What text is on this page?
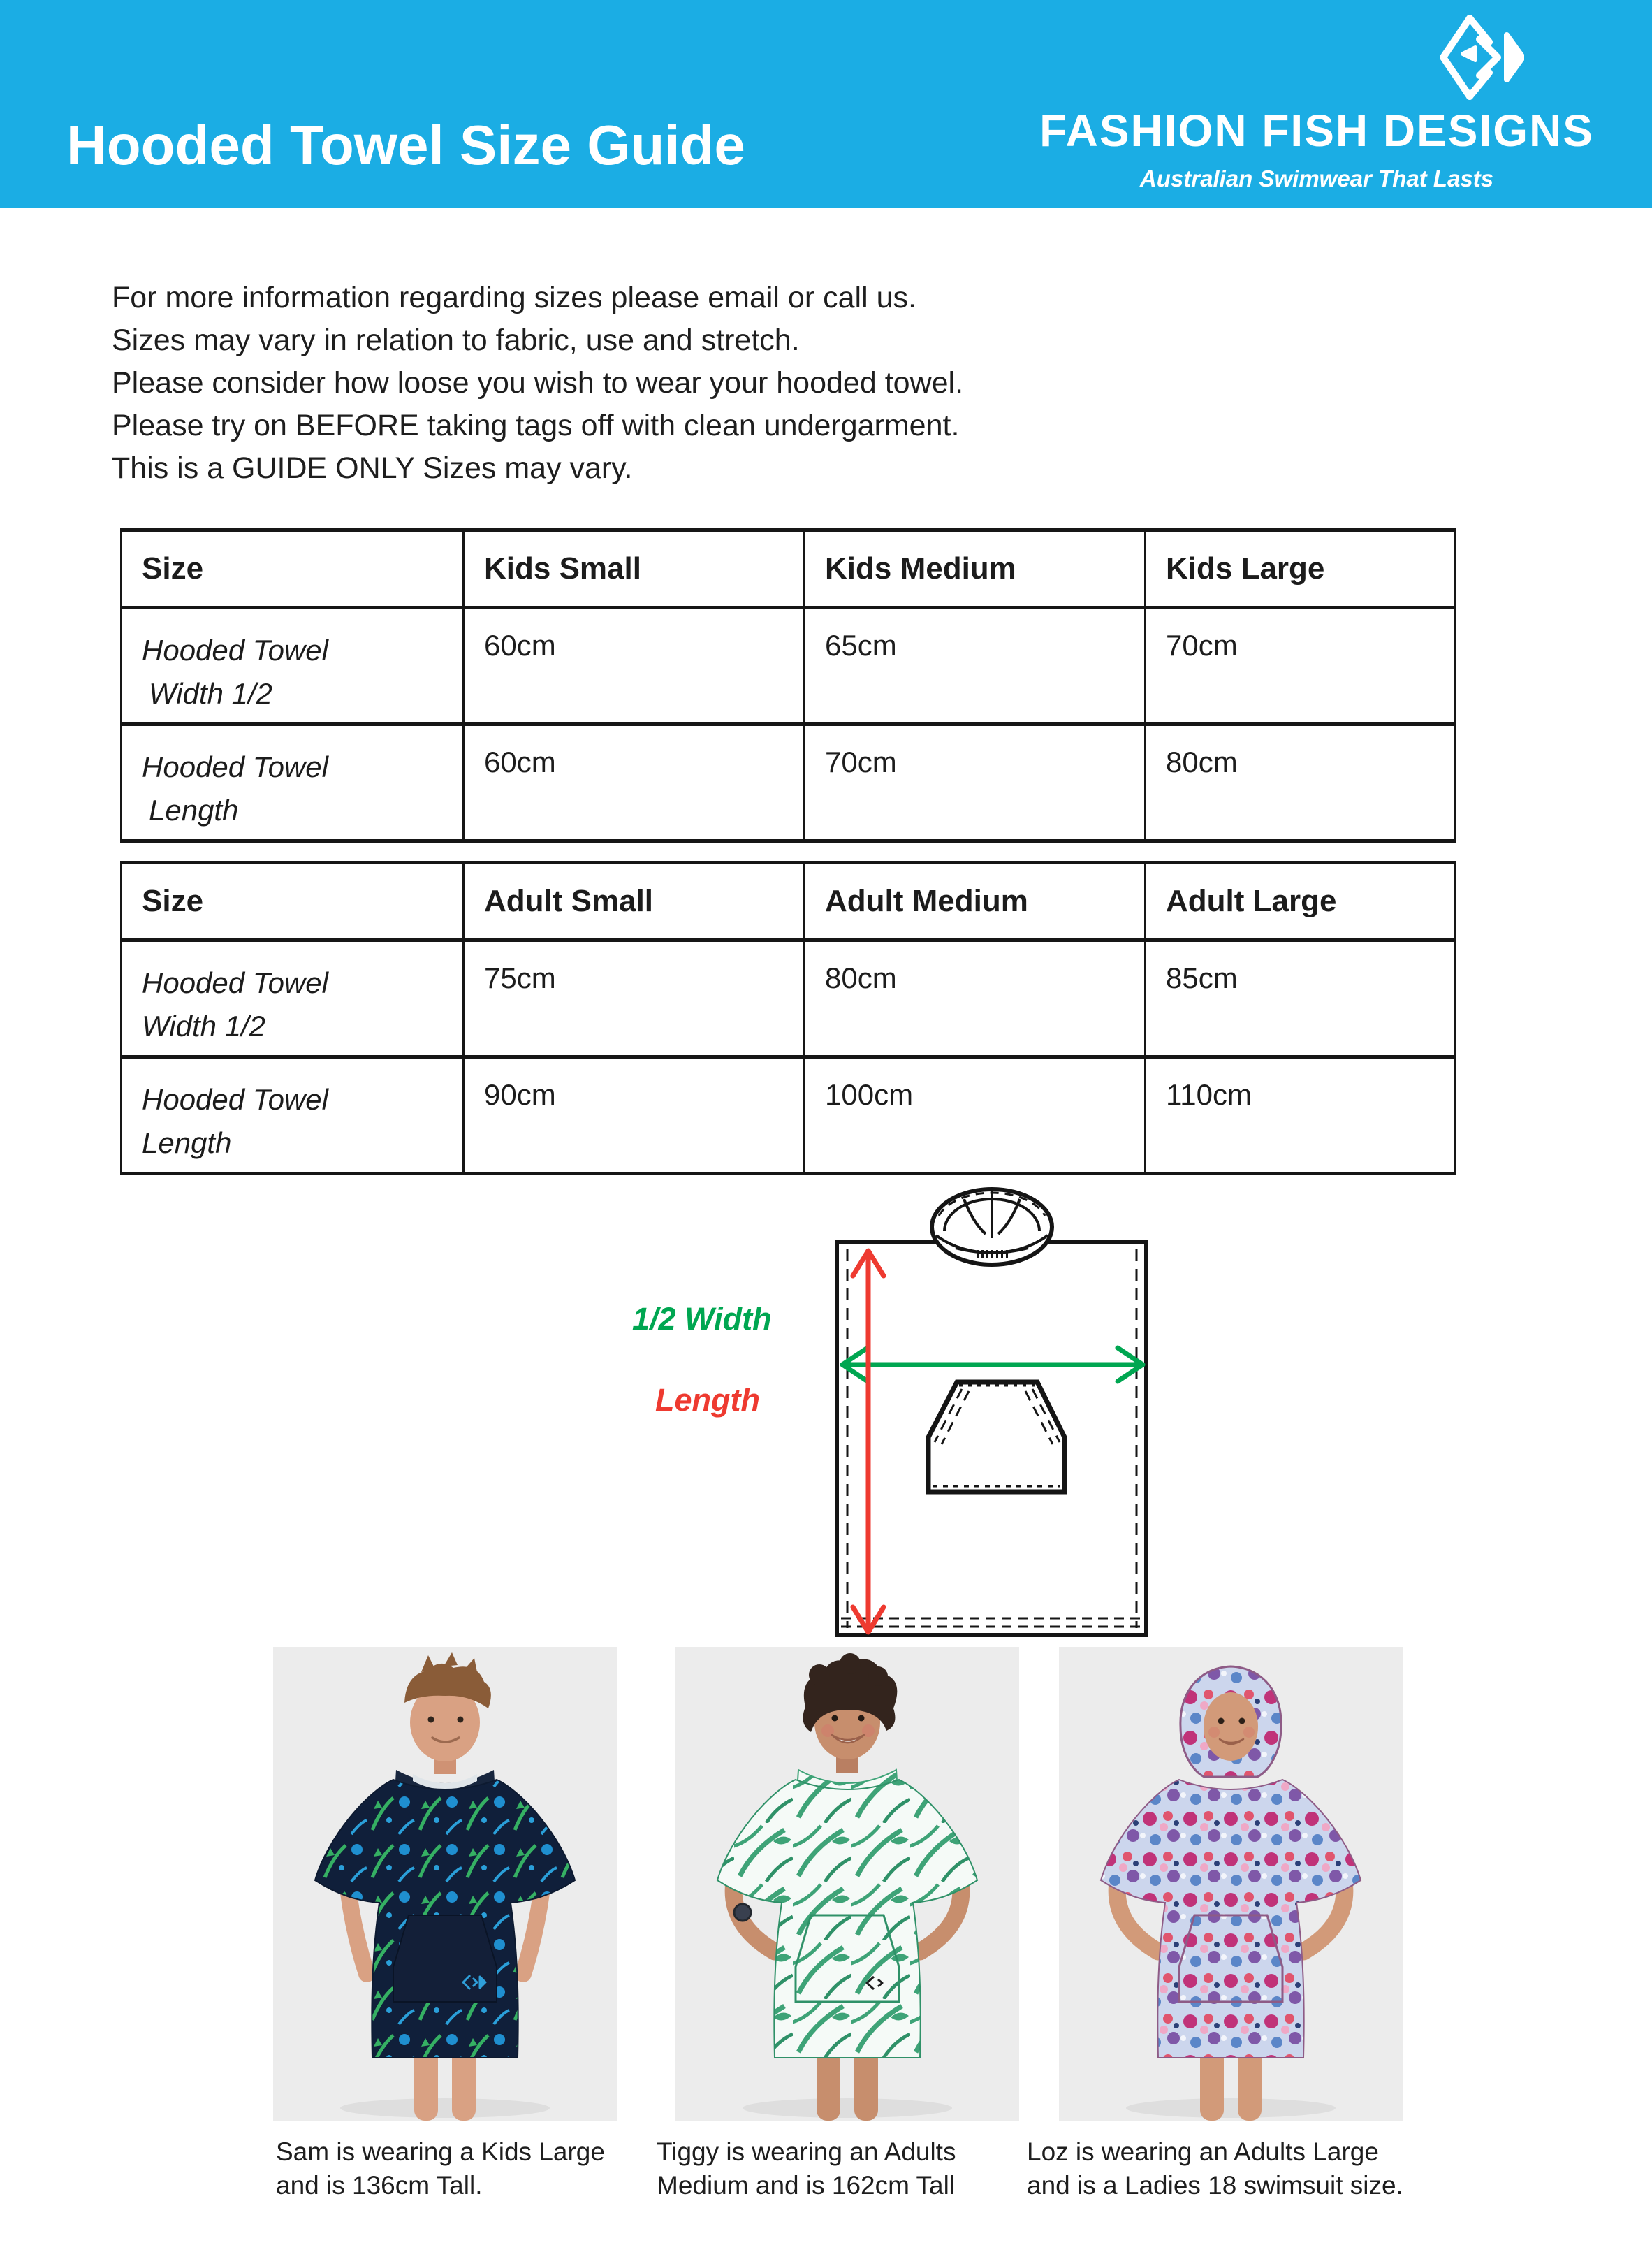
Hooded Towel Size Guide	FASHION FISH DESIGNS
Australian Swimwear That Lasts
For more information regarding sizes please email or call us.
Sizes may vary in relation to fabric, use and stretch.
Please consider how loose you wish to wear your hooded towel.
Please try on BEFORE taking tags off with clean undergarment.
This is a GUIDE ONLY Sizes may vary.
Size	Kids Small	Kids Medium	Kids Large
Hooded Towel
Width 1/2	60cm	65cm	70cm
Hooded Towel
Length	60cm	70cm	80cm
Size	Adult Small	Adult Medium	Adult Large
Hooded Towel
Width 1/2	75cm	80cm	85cm
Hooded Towel
Length	90cm	100cm	110cm
1/2 Width
Length
Sam is wearing a Kids Large
and is 136cm Tall.
Tiggy is wearing an Adults
Medium and is 162cm Tall
Loz is wearing an Adults Large
and is a Ladies 18 swimsuit size.
